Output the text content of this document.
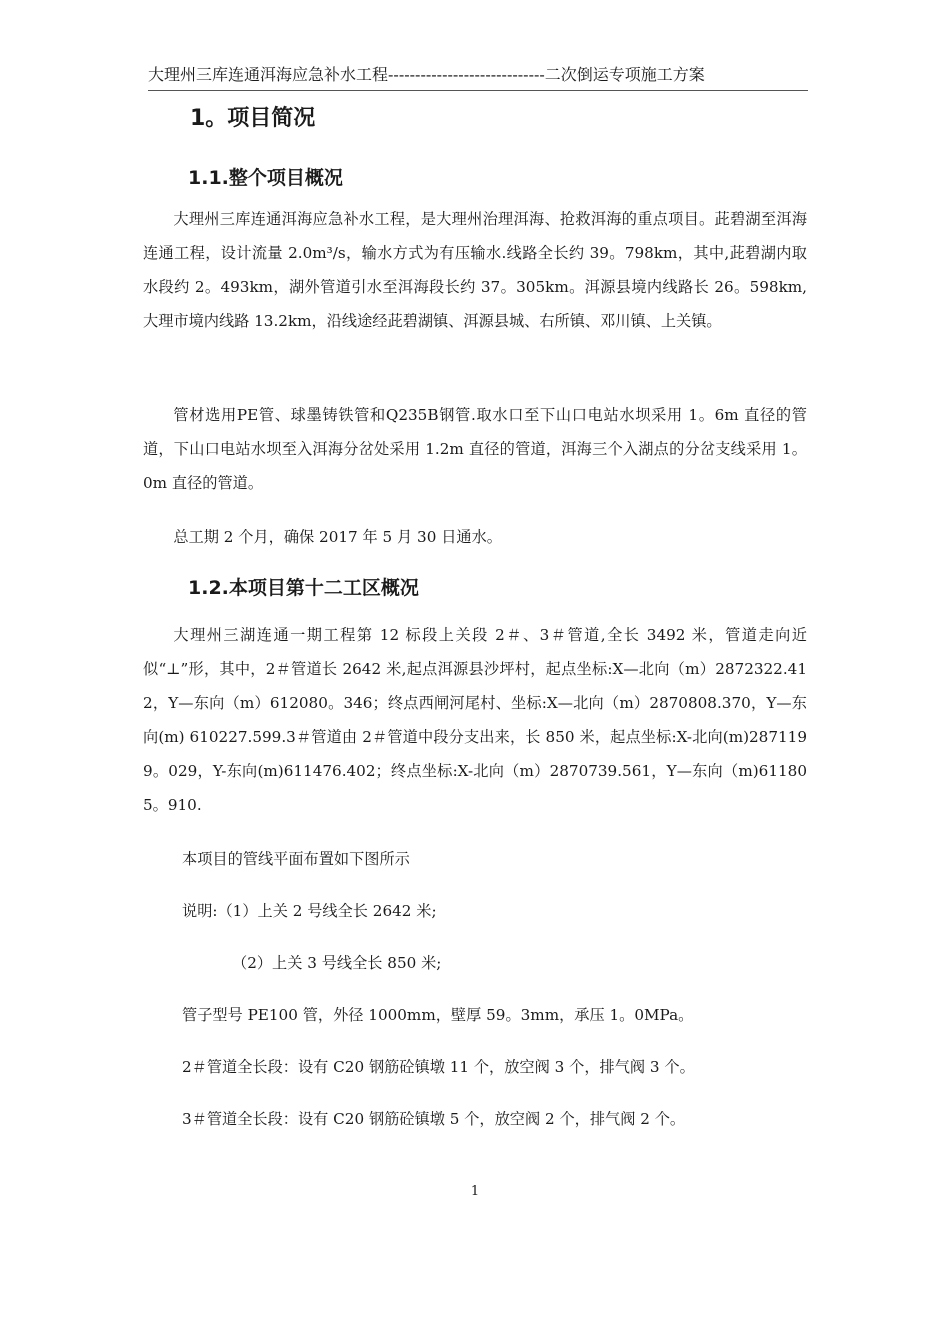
大理州三库连通洱海应急补水工程-----------------------------二次倒运专项施工方案
1。项目简况
1.1.整个项目概况

大理州三库连通洱海应急补水工程，是大理州治理洱海、抢救洱海的重点项目。茈碧湖至洱海连通工程，设计流量 2.0m³/s，输水方式为有压输水.线路全长约 39。798km，其中,茈碧湖内取水段约 2。493km，湖外管道引水至洱海段长约 37。305km。洱源县境内线路长 26。598km,大理市境内线路 13.2km，沿线途经茈碧湖镇、洱源县城、右所镇、邓川镇、上关镇。

管材选用PE管、球墨铸铁管和Q235B钢管.取水口至下山口电站水坝采用 1。6m 直径的管道，下山口电站水坝至入洱海分岔处采用 1.2m 直径的管道，洱海三个入湖点的分岔支线采用 1。0m 直径的管道。

总工期 2 个月，确保 2017 年 5 月 30 日通水。

1.2.本项目第十二工区概况

大理州三湖连通一期工程第 12 标段上关段 2＃、3＃管道,全长 3492 米，管道走向近似“⊥”形，其中，2＃管道长 2642 米,起点洱源县沙坪村，起点坐标:X—北向（m）2872322.412，Y—东向（m）612080。346；终点西闸河尾村、坐标:X—北向（m）2870808.370，Y—东向(m) 610227.599.3＃管道由 2＃管道中段分支出来，长 850 米，起点坐标:X-北向(m)2871199。029，Y-东向(m)611476.402；终点坐标:X-北向（m）2870739.561，Y—东向（m)611805。910.

本项目的管线平面布置如下图所示

说明:（1）上关 2 号线全长 2642 米;

（2）上关 3 号线全长 850 米;

管子型号 PE100 管，外径 1000mm，壁厚 59。3mm，承压 1。0MPa。

2＃管道全长段：设有 C20 钢筋砼镇墩 11 个，放空阀 3 个，排气阀 3 个。

3＃管道全长段：设有 C20 钢筋砼镇墩 5 个，放空阀 2 个，排气阀 2 个。

1
